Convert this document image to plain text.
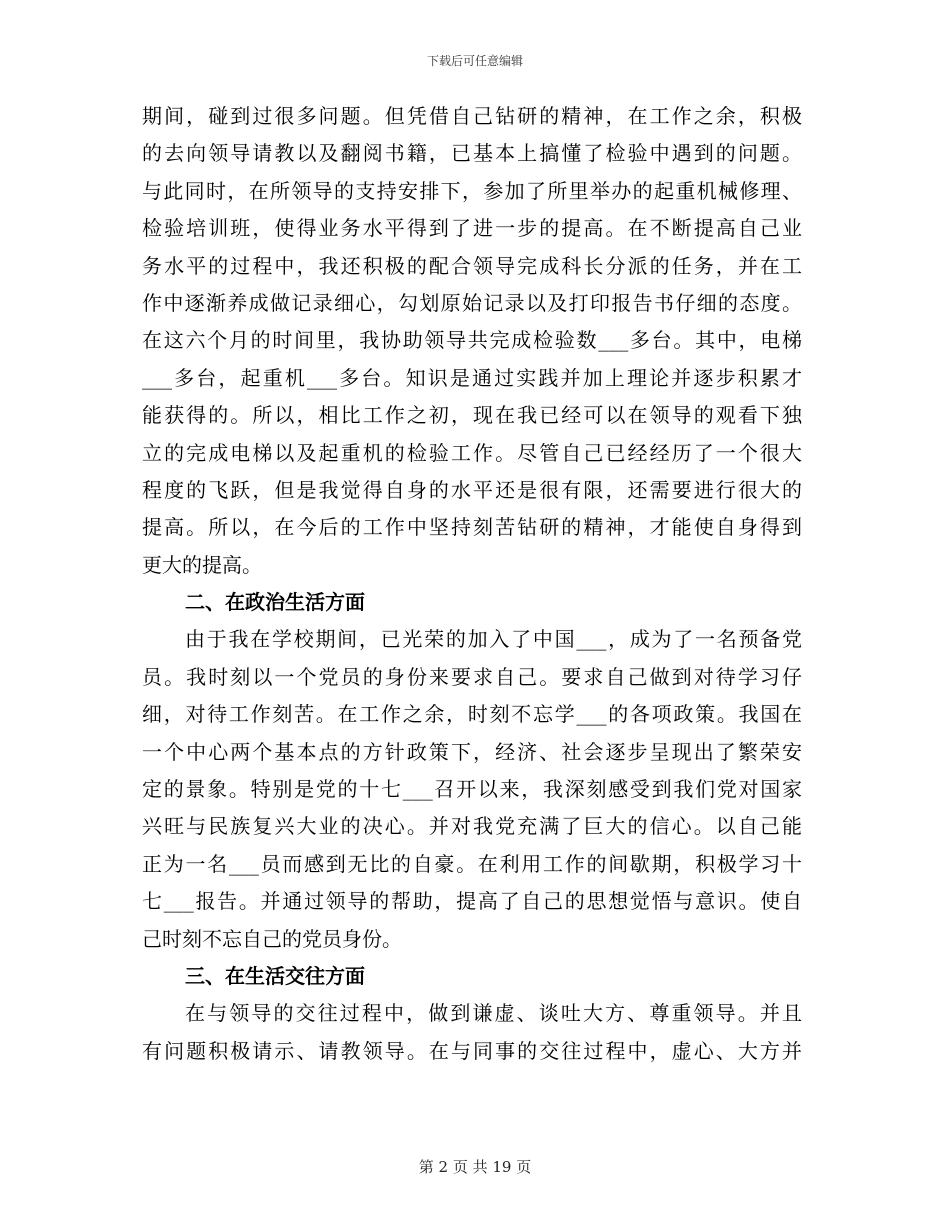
下载后可任意编辑
期间，碰到过很多问题。但凭借自己钻研的精神，在工作之余，积极
的去向领导请教以及翻阅书籍，已基本上搞懂了检验中遇到的问题。
与此同时，在所领导的支持安排下，参加了所里举办的起重机械修理、
检验培训班，使得业务水平得到了进一步的提高。在不断提高自己业
务水平的过程中，我还积极的配合领导完成科长分派的任务，并在工
作中逐渐养成做记录细心，勾划原始记录以及打印报告书仔细的态度。
在这六个月的时间里，我协助领导共完成检验数___多台。其中，电梯
___多台，起重机___多台。知识是通过实践并加上理论并逐步积累才
能获得的。所以，相比工作之初，现在我已经可以在领导的观看下独
立的完成电梯以及起重机的检验工作。尽管自己已经经历了一个很大
程度的飞跃，但是我觉得自身的水平还是很有限，还需要进行很大的
提高。所以，在今后的工作中坚持刻苦钻研的精神，才能使自身得到
更大的提高。
二、在政治生活方面
由于我在学校期间，已光荣的加入了中国___，成为了一名预备党
员。我时刻以一个党员的身份来要求自己。要求自己做到对待学习仔
细，对待工作刻苦。在工作之余，时刻不忘学___的各项政策。我国在
一个中心两个基本点的方针政策下，经济、社会逐步呈现出了繁荣安
定的景象。特别是党的十七___召开以来，我深刻感受到我们党对国家
兴旺与民族复兴大业的决心。并对我党充满了巨大的信心。以自己能
正为一名___员而感到无比的自豪。在利用工作的间歇期，积极学习十
七___报告。并通过领导的帮助，提高了自己的思想觉悟与意识。使自
己时刻不忘自己的党员身份。
三、在生活交往方面
在与领导的交往过程中，做到谦虚、谈吐大方、尊重领导。并且
有问题积极请示、请教领导。在与同事的交往过程中，虚心、大方并
第 2 页 共 19 页
